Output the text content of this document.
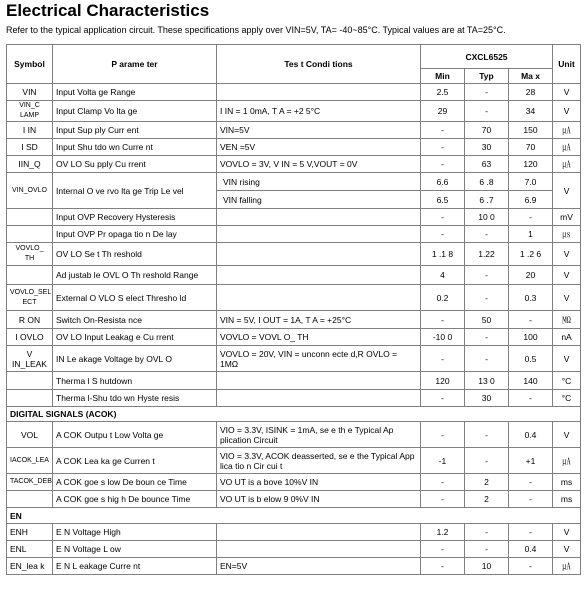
Electrical Characteristics
Refer to the typical application circuit. These specifications apply over VIN=5V, TA= -40~85°C. Typical values are at TA=25°C.
Symbol	P arame ter	Tes t Condi tions	CXCL6525			Unit
			Min	Typ	Ma x	
VIN	Input Volta ge Range		2.5	-	28	V
VIN_C LAMP	Input Clamp Vo lta ge	I IN = 1 0mA, T A = +2 5°C	29	-	34	V
I IN	Input Sup ply Curr ent	VIN=5V	-	70	150	㎂
I SD	Input Shu tdo wn Curre nt	VEN =5V	-	30	70	㎂
IIN_Q	OV LO Su pply Cu rrent	VOVLO = 3V, V IN = 5 V,VOUT = 0V	-	63	120	㎂
VIN_OVLO	Internal O ve rvo lta ge Trip Le vel	VIN rising	6.6	6 .8	7.0	V
		VIN falling	6.5	6 .7	6.9	
	Input OVP Recovery Hysteresis		-	10 0	-	mV
	Input OVP Pr opaga tio n De lay		-	-	1	㎲
VOVLO_ TH	OV LO Se t Th reshold		1 .1 8	1.22	1 .2 6	V
	Ad justab le OVL O Th reshold Range		4	-	20	V
VOVLO_SEL ECT	External O VLO S elect Thresho ld		0.2	-	0.3	V
R ON	Switch On-Resista nce	VIN = 5V, I OUT = 1A, T A = +25°C	-	50	-	㏁
I OVLO	OV LO Input Leakag e Cu rrent	VOVLO = VOVL O_ TH	-10 0	-	100	nA
V IN_LEAK	IN Le akage Voltage by OVL O	VOVLO = 20V, VIN = unconn ecte d,R OVLO = 1MΩ	-	-	0.5	V
	Therma l S hutdown		120	13 0	140	°C
	Therma l-Shu tdo wn Hyste resis		-	30	-	°C
DIGITAL SIGNALS (ACOK)						
VOL	A COK Outpu t Low Volta ge	VIO = 3.3V, ISINK = 1mA, se e th e Typical Ap plication Circuit	-	-	0.4	V
IACOK_LEA	A COK Lea ka ge Curren t	VIO = 3.3V, ACOK deasserted, se e the Typical App lica tio n Cir cui t	-1	-	+1	㎂
TACOK_DEB	A COK goe s low De boun ce Time	VO UT is a bove 10%V IN	-	2	-	ms
	A COK goe s hig h De bounce Time	VO UT is b elow 9 0%V IN	-	2	-	ms
EN						
ENH	E N Voltage High		1.2	-	-	V
ENL	E N Voltage L ow		-	-	0.4	V
EN_lea k	E N L eakage Curre nt	EN=5V	-	10	-	㎂
